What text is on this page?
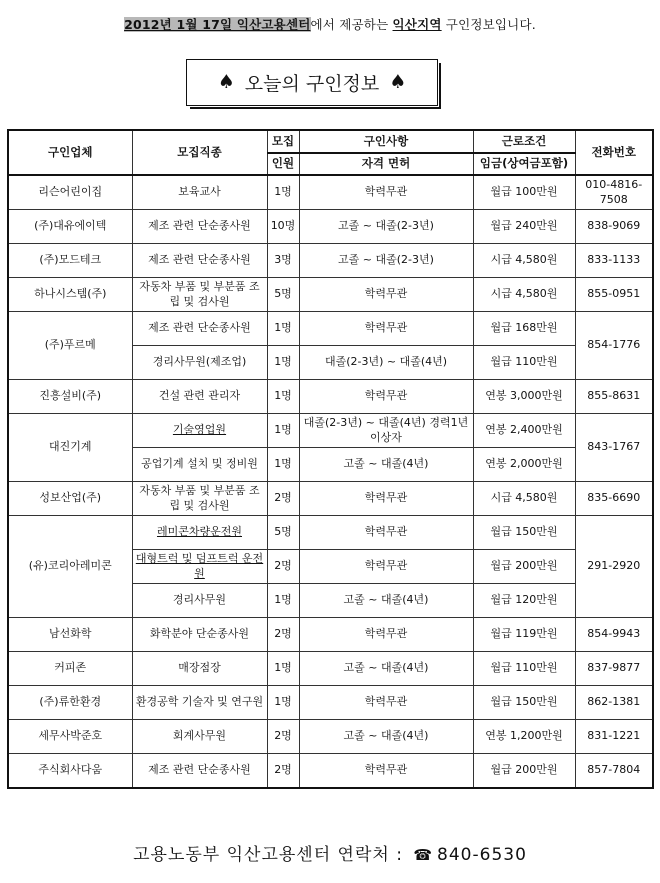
2012년 1월 17일 익산고용센터에서 제공하는 익산지역 구인정보입니다.
♠ 오늘의 구인정보 ♠
구인업체	모집직종	모집	구인사항	근로조건	전화번호
		인원	자격 면허	임금(상여금포함)	
리슨어린이집	보육교사	1명	학력무관	월급 100만원	010-4816-7508
(주)대유에이텍	제조 관련 단순종사원	10명	고졸 ~ 대졸(2-3년)	월급 240만원	838-9069
(주)모드테크	제조 관련 단순종사원	3명	고졸 ~ 대졸(2-3년)	시급 4,580원	833-1133
하나시스템(주)	자동차 부품 및 부분품 조립 및 검사원	5명	학력무관	시급 4,580원	855-0951
(주)푸르메	제조 관련 단순종사원	1명	학력무관	월급 168만원	854-1776
	경리사무원(제조업)	1명	대졸(2-3년) ~ 대졸(4년)	월급 110만원	
진흥설비(주)	건설 관련 관리자	1명	학력무관	연봉 3,000만원	855-8631
대진기계	기술영업원	1명	대졸(2-3년) ~ 대졸(4년) 경력1년 이상자	연봉 2,400만원	843-1767
	공업기계 설치 및 정비원	1명	고졸 ~ 대졸(4년)	연봉 2,000만원	
성보산업(주)	자동차 부품 및 부분품 조립 및 검사원	2명	학력무관	시급 4,580원	835-6690
(유)코리아레미콘	레미콘차량운전원	5명	학력무관	월급 150만원	291-2920
	대형트럭 및 덤프트럭 운전원	2명	학력무관	월급 200만원	
	경리사무원	1명	고졸 ~ 대졸(4년)	월급 120만원	
남선화학	화학분야 단순종사원	2명	학력무관	월급 119만원	854-9943
커피존	매장점장	1명	고졸 ~ 대졸(4년)	월급 110만원	837-9877
(주)류한환경	환경공학 기술자 및 연구원	1명	학력무관	월급 150만원	862-1381
세무사박준호	회계사무원	2명	고졸 ~ 대졸(4년)	연봉 1,200만원	831-1221
주식회사다움	제조 관련 단순종사원	2명	학력무관	월급 200만원	857-7804
고용노동부 익산고용센터 연락처 : ☎ 840-6530
